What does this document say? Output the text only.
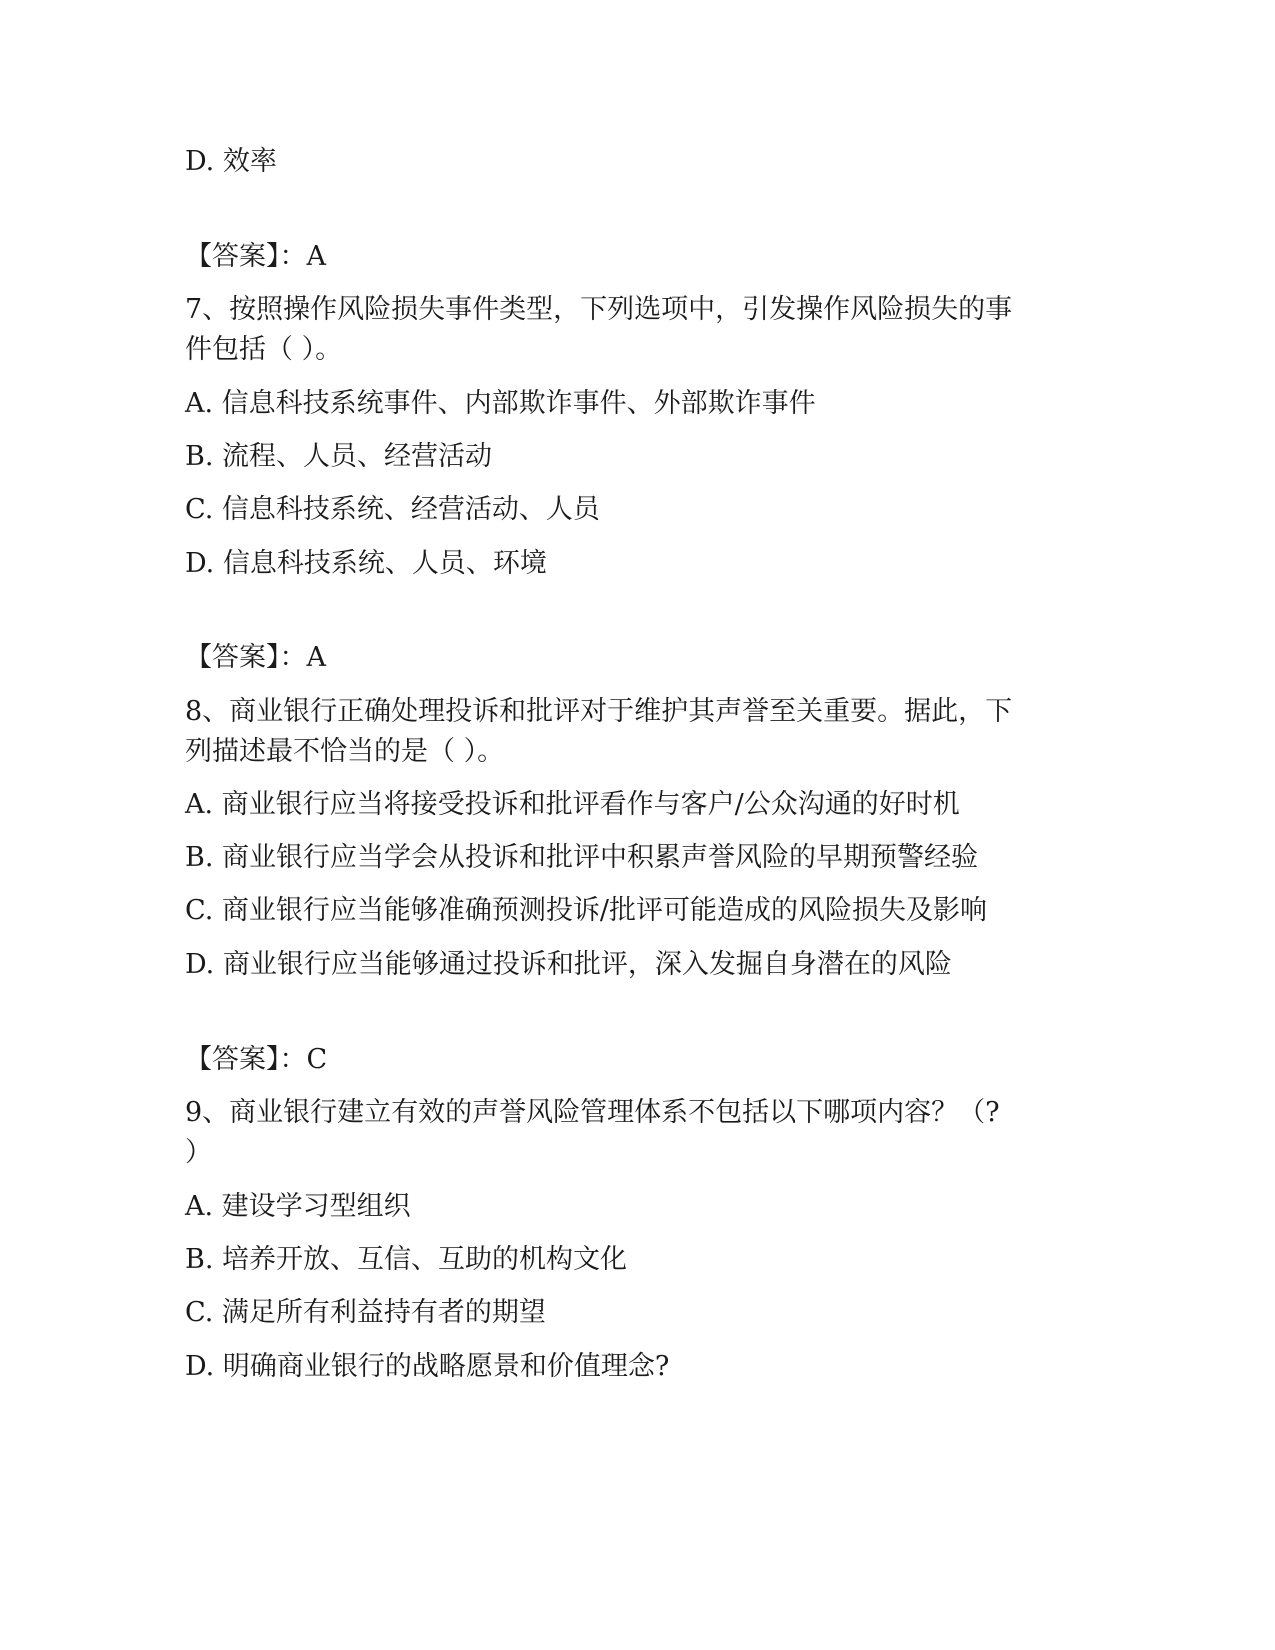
D. 效率
【答案】：A
7、按照操作风险损失事件类型，下列选项中，引发操作风险损失的事
件包括（ ）。
A. 信息科技系统事件、内部欺诈事件、外部欺诈事件
B. 流程、人员、经营活动
C. 信息科技系统、经营活动、人员
D. 信息科技系统、人员、环境
【答案】：A
8、商业银行正确处理投诉和批评对于维护其声誉至关重要。据此，下
列描述最不恰当的是（ ）。
A. 商业银行应当将接受投诉和批评看作与客户/公众沟通的好时机
B. 商业银行应当学会从投诉和批评中积累声誉风险的早期预警经验
C. 商业银行应当能够准确预测投诉/批评可能造成的风险损失及影响
D. 商业银行应当能够通过投诉和批评，深入发掘自身潜在的风险
【答案】：C
9、商业银行建立有效的声誉风险管理体系不包括以下哪项内容？（?
）
A. 建设学习型组织
B. 培养开放、互信、互助的机构文化
C. 满足所有利益持有者的期望
D. 明确商业银行的战略愿景和价值理念?
